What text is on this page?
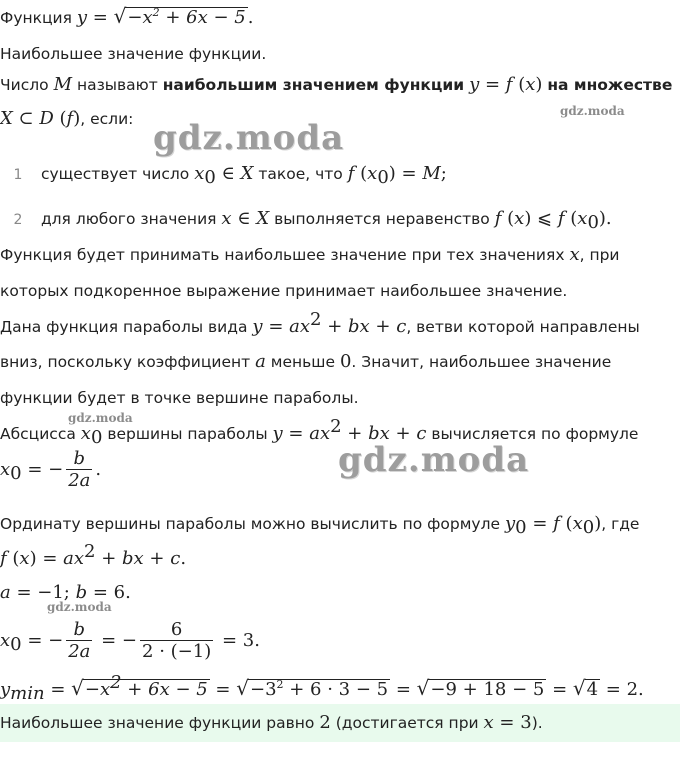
Функция $y = √-x^2 + 6x - 5$ .
Наибольшее значение функции.
Число M называют наибольшим значением функции y = f (x) на множестве
X ⊂ D (f), если:
1 существует число $x_0$ ∈ X такое, что f $(x_0) = M$;
2 для любого значения x ∈ X выполняется неравенство f (x) ⩽ f $(x_0)$.
Функция будет принимать наибольшее значение при тех значениях x, при
которых подкоренное выражение принимает наибольшее значение.
Дана функция параболы вида $y = ax^2$ + bx + c, ветви которой направлены
вниз, поскольку коэффициент a меньше 0. Значит, наибольшее значение
функции будет в точке вершине параболы.
Абсцисса $x_0$ вершины параболы $y = ax^2$ + bx + c вычисляется по формуле
$x_0$ = − $\frac{b}{2a}$ .
Ординату вершины параболы можно вычислить по формуле $y_0 = f$ $(x_0)$, где
f $(x) = ax^2$ + bx + c.
a = −1; b = 6.
$x_0$ = − $\frac{b}{2a}$ = − $\frac{6}{2 \cdot (-1)} = 3$.
$y_{min} = √-x^2 + 6x - 5 = √-3^2 + 6 \cdot 3 - 5 = √-9 + 18 - 5 = √4 = 2$.
Наибольшее значение функции равно 2 (достигается при x = 3).
gdz.moda
gdz.moda
gdz.moda
gdz.moda
gdz.moda
